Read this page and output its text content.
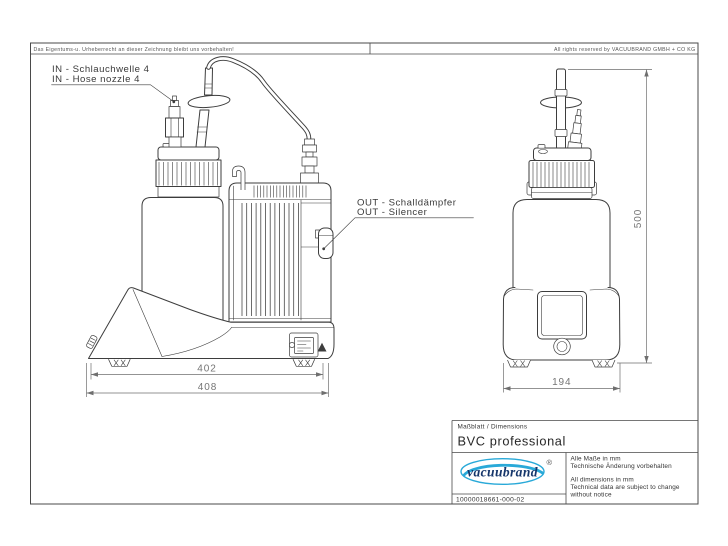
Das Eigentums-u. Urheberrecht an dieser Zeichnung bleibt uns vorbehalten!	All rights reserved by VACUUBRAND GMBH + CO KG
402
408	194
500
IN - Schlauchwelle 4
IN - Hose nozzle 4
OUT - Schalldämpfer
OUT - Silencer
Maßblatt / Dimensions
BVC professional
vacuubrand
®
10000018661-000-02
Alle Maße in mm
Technische Änderung vorbehalten
All dimensions in mm
Technical data are subject to change
without notice
